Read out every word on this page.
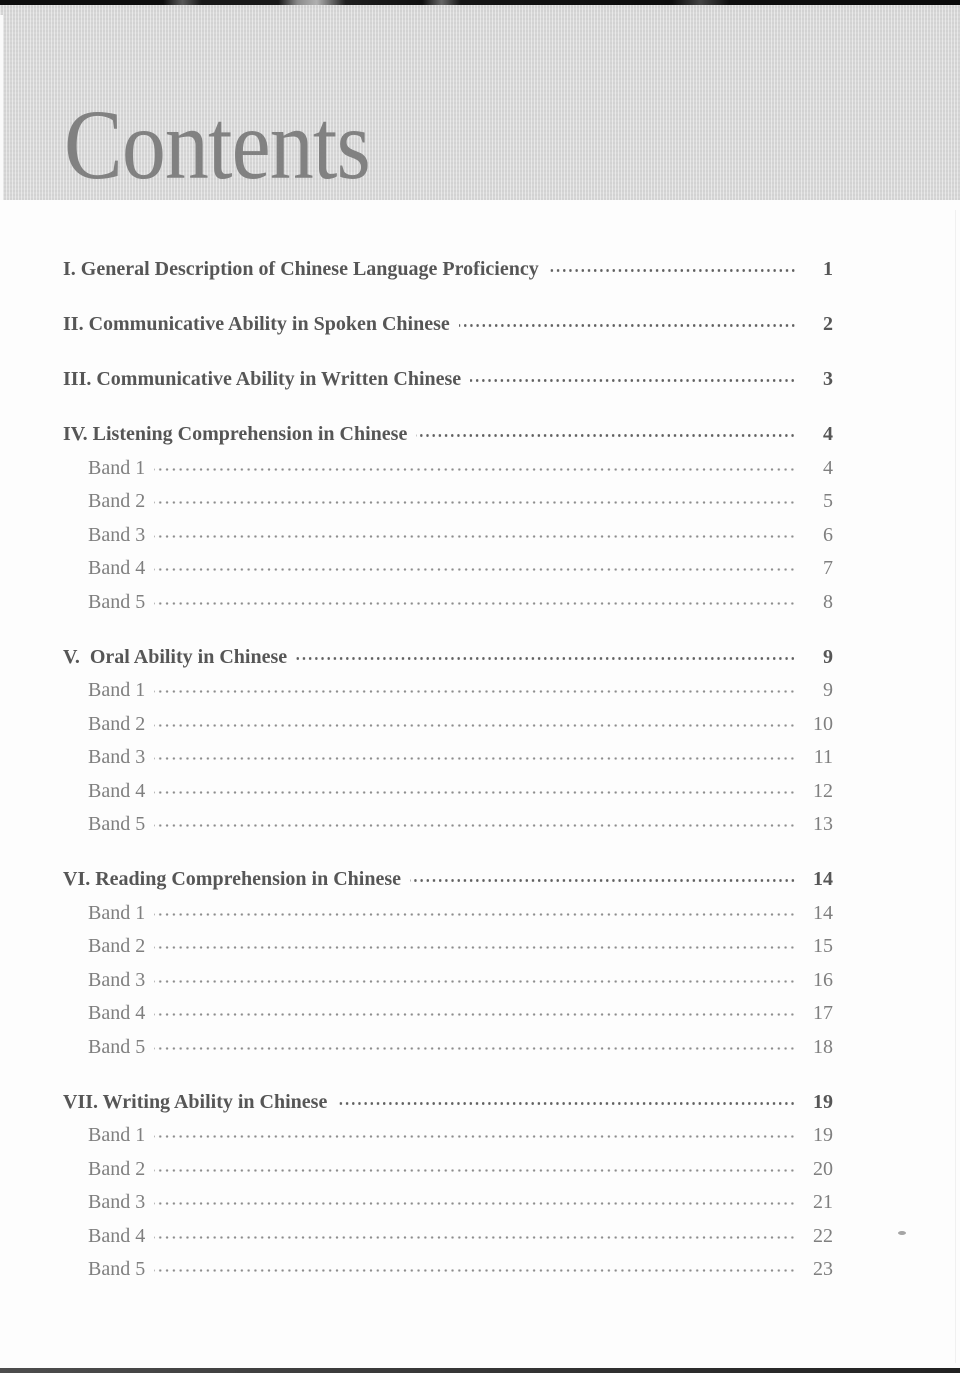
Contents
I. General Description of Chinese Language Proficiency	1
II. Communicative Ability in Spoken Chinese	2
III. Communicative Ability in Written Chinese	3
IV. Listening Comprehension in Chinese	4
Band 1	4
Band 2	5
Band 3	6
Band 4	7
Band 5	8
V.  Oral Ability in Chinese	9
Band 1	9
Band 2	10
Band 3	11
Band 4	12
Band 5	13
VI. Reading Comprehension in Chinese	14
Band 1	14
Band 2	15
Band 3	16
Band 4	17
Band 5	18
VII. Writing Ability in Chinese	19
Band 1	19
Band 2	20
Band 3	21
Band 4	22
Band 5	23
